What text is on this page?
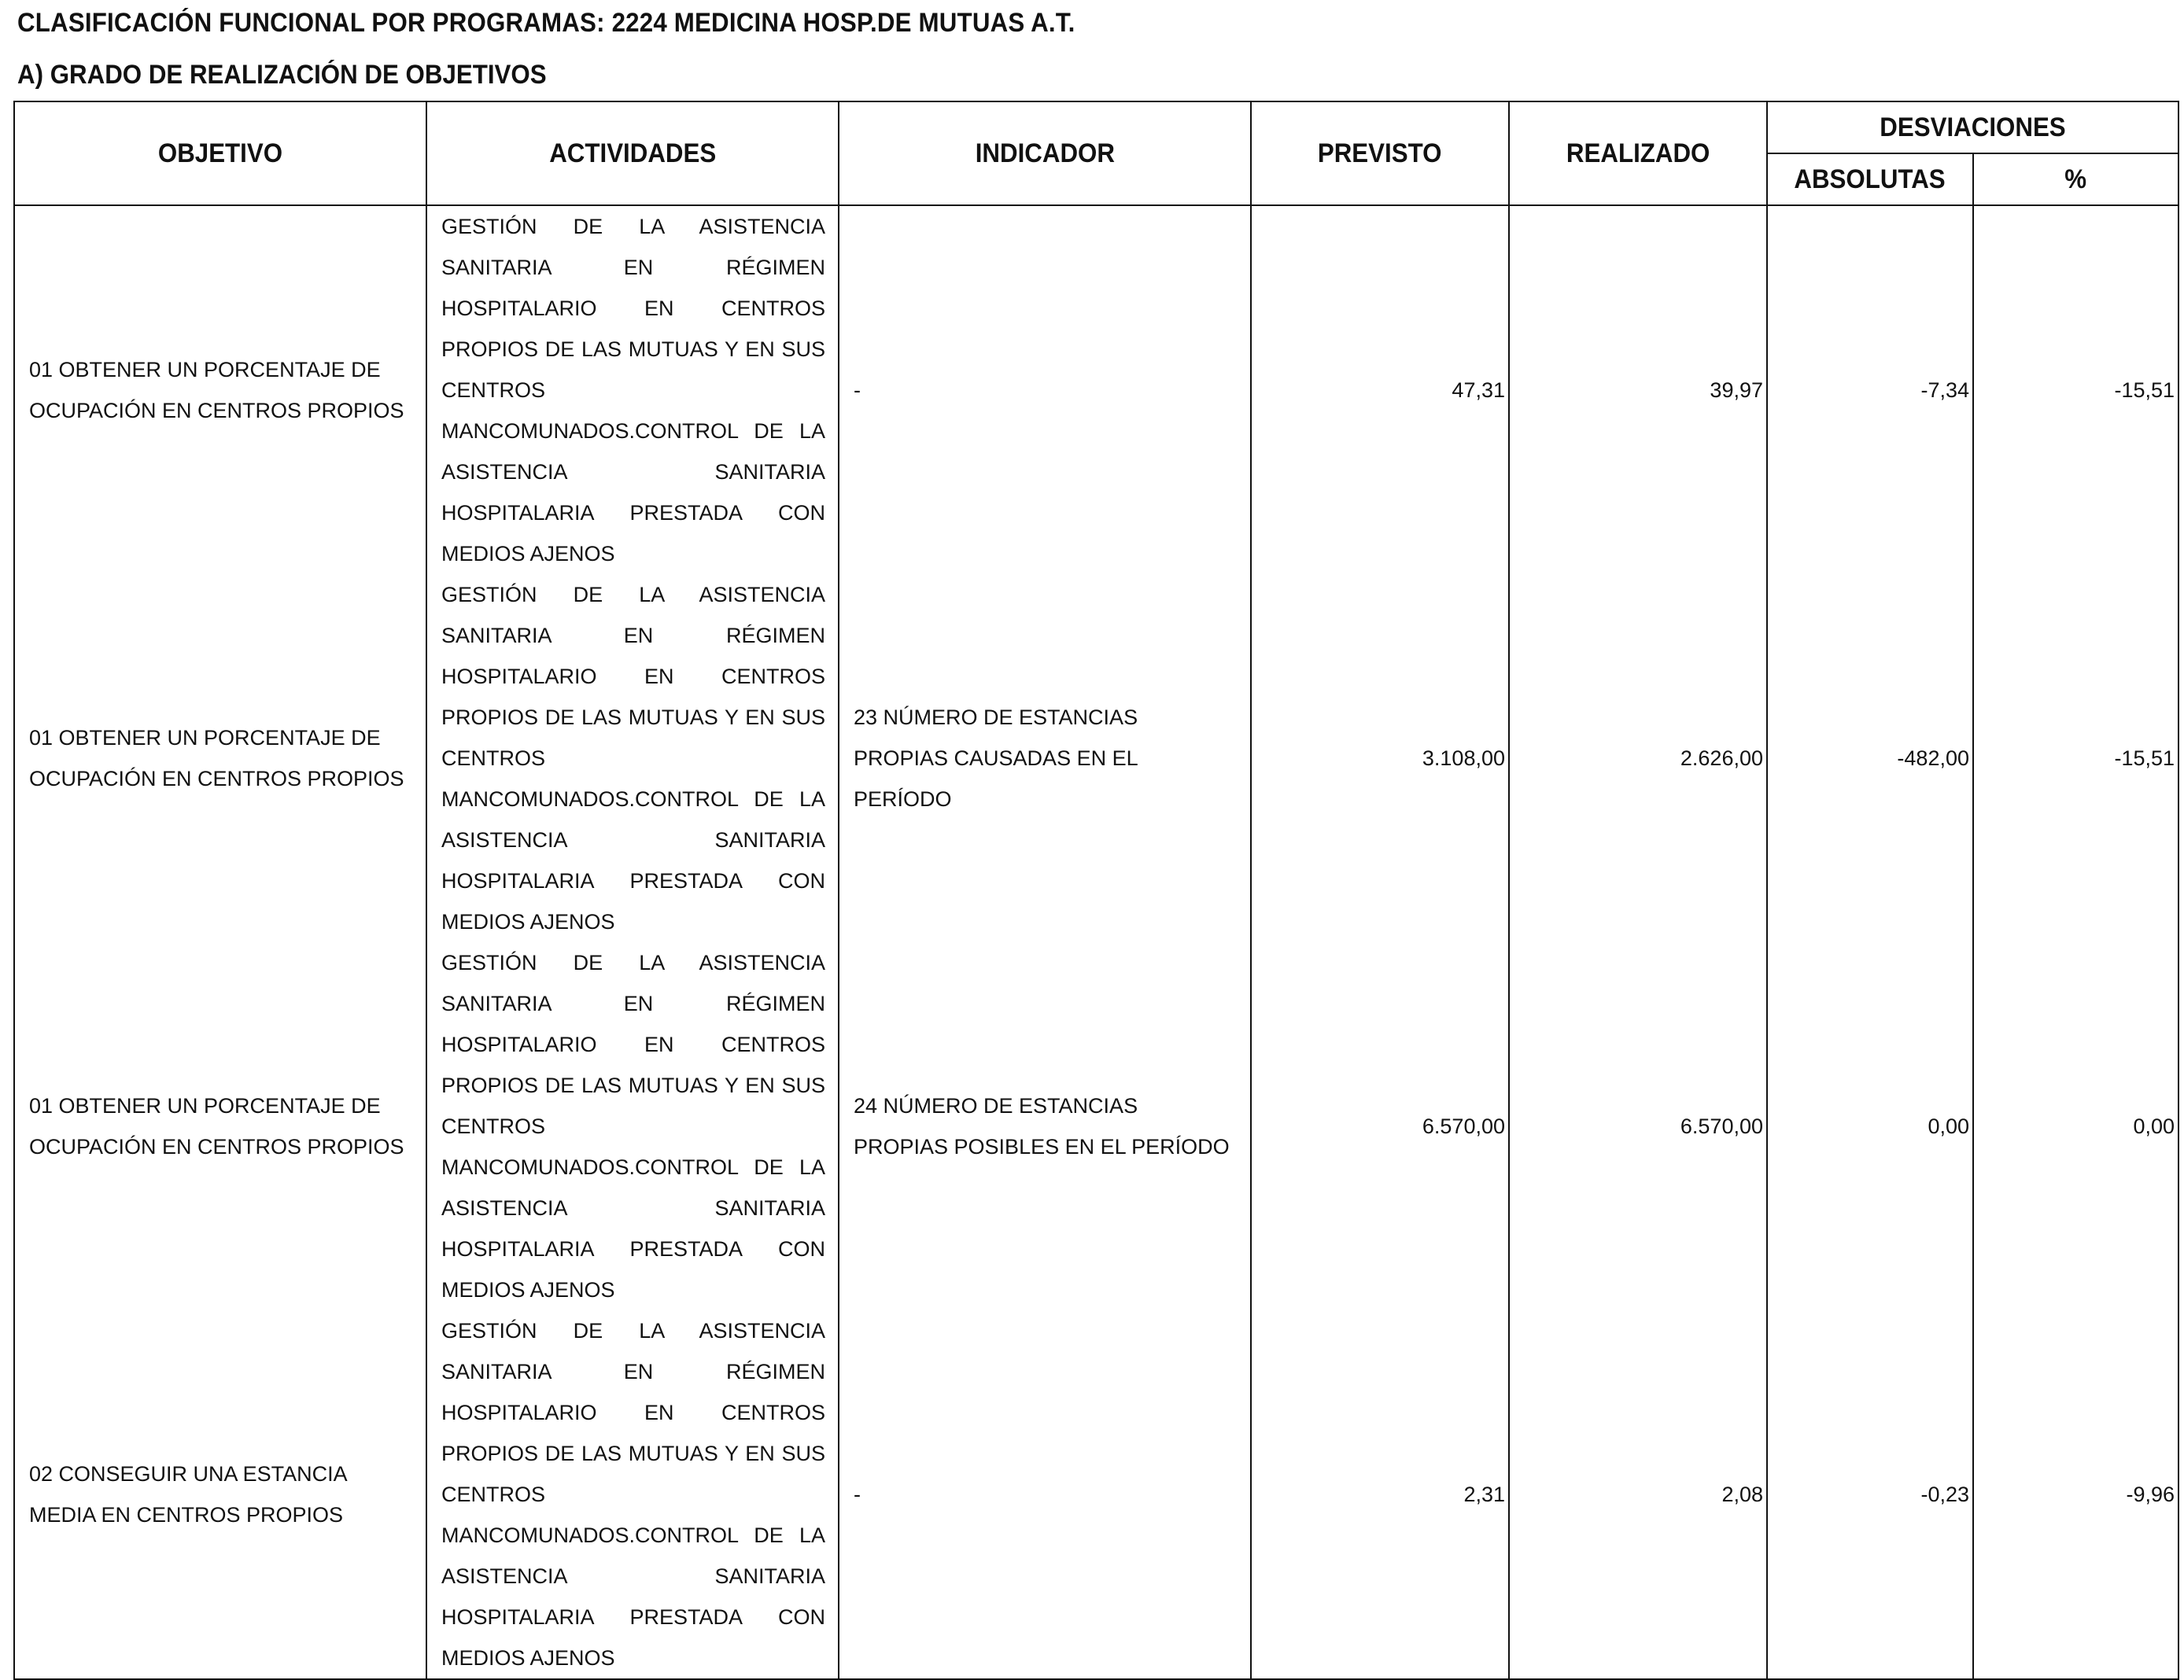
CLASIFICACIÓN FUNCIONAL POR PROGRAMAS: 2224 MEDICINA HOSP.DE MUTUAS A.T.
A) GRADO DE REALIZACIÓN DE OBJETIVOS
OBJETIVO	ACTIVIDADES	INDICADOR	PREVISTO	REALIZADO	DESVIACIONES	
					ABSOLUTAS	%

01 OBTENER UN PORCENTAJE DE OCUPACIÓN EN CENTROS PROPIOS	GESTIÓN DE LA ASISTENCIA SANITARIA EN RÉGIMEN HOSPITALARIO EN CENTROS PROPIOS DE LAS MUTUAS Y EN SUS CENTROS MANCOMUNADOS.CONTROL DE LA ASISTENCIA SANITARIA HOSPITALARIA PRESTADA CON MEDIOS AJENOS	-	47,31	39,97	-7,34	-15,51

01 OBTENER UN PORCENTAJE DE OCUPACIÓN EN CENTROS PROPIOS	GESTIÓN DE LA ASISTENCIA SANITARIA EN RÉGIMEN HOSPITALARIO EN CENTROS PROPIOS DE LAS MUTUAS Y EN SUS CENTROS MANCOMUNADOS.CONTROL DE LA ASISTENCIA SANITARIA HOSPITALARIA PRESTADA CON MEDIOS AJENOS	23 NÚMERO DE ESTANCIAS PROPIAS CAUSADAS EN EL PERÍODO	3.108,00	2.626,00	-482,00	-15,51

01 OBTENER UN PORCENTAJE DE OCUPACIÓN EN CENTROS PROPIOS	GESTIÓN DE LA ASISTENCIA SANITARIA EN RÉGIMEN HOSPITALARIO EN CENTROS PROPIOS DE LAS MUTUAS Y EN SUS CENTROS MANCOMUNADOS.CONTROL DE LA ASISTENCIA SANITARIA HOSPITALARIA PRESTADA CON MEDIOS AJENOS	24 NÚMERO DE ESTANCIAS PROPIAS POSIBLES EN EL PERÍODO	6.570,00	6.570,00	0,00	0,00

02 CONSEGUIR UNA ESTANCIA MEDIA EN CENTROS PROPIOS	GESTIÓN DE LA ASISTENCIA SANITARIA EN RÉGIMEN HOSPITALARIO EN CENTROS PROPIOS DE LAS MUTUAS Y EN SUS CENTROS MANCOMUNADOS.CONTROL DE LA ASISTENCIA SANITARIA HOSPITALARIA PRESTADA CON MEDIOS AJENOS	-	2,31	2,08	-0,23	-9,96
